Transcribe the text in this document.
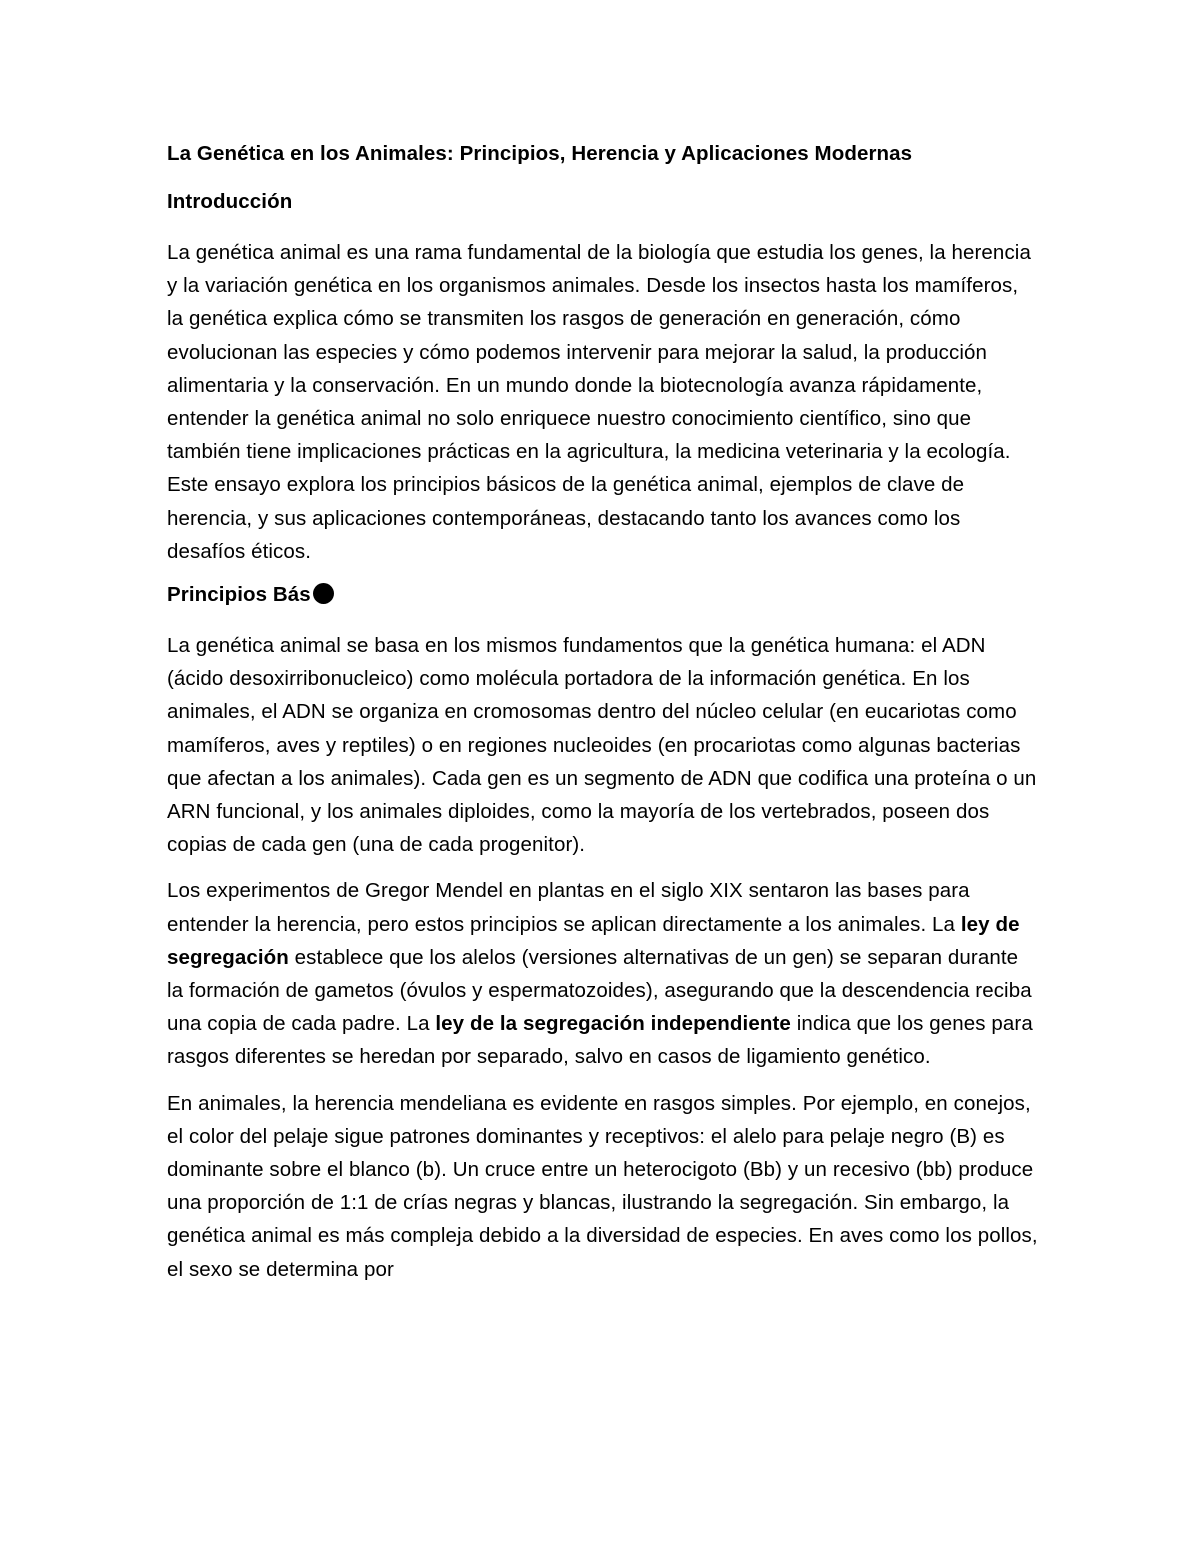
La Genética en los Animales: Principios, Herencia y Aplicaciones Modernas
Introducción

La genética animal es una rama fundamental de la biología que estudia los genes, la herencia y la variación genética en los organismos animales. Desde los insectos hasta los mamíferos, la genética explica cómo se transmiten los rasgos de generación en generación, cómo evolucionan las especies y cómo podemos intervenir para mejorar la salud, la producción alimentaria y la conservación. En un mundo donde la biotecnología avanza rápidamente, entender la genética animal no solo enriquece nuestro conocimiento científico, sino que también tiene implicaciones prácticas en la agricultura, la medicina veterinaria y la ecología. Este ensayo explora los principios básicos de la genética animal, ejemplos de clave de herencia, y sus aplicaciones contemporáneas, destacando tanto los avances como los desafíos éticos.

Principios Bás

La genética animal se basa en los mismos fundamentos que la genética humana: el ADN (ácido desoxirribonucleico) como molécula portadora de la información genética. En los animales, el ADN se organiza en cromosomas dentro del núcleo celular (en eucariotas como mamíferos, aves y reptiles) o en regiones nucleoides (en procariotas como algunas bacterias que afectan a los animales). Cada gen es un segmento de ADN que codifica una proteína o un ARN funcional, y los animales diploides, como la mayoría de los vertebrados, poseen dos copias de cada gen (una de cada progenitor).

Los experimentos de Gregor Mendel en plantas en el siglo XIX sentaron las bases para entender la herencia, pero estos principios se aplican directamente a los animales. La ley de segregación establece que los alelos (versiones alternativas de un gen) se separan durante la formación de gametos (óvulos y espermatozoides), asegurando que la descendencia reciba una copia de cada padre. La ley de la segregación independiente indica que los genes para rasgos diferentes se heredan por separado, salvo en casos de ligamiento genético.

En animales, la herencia mendeliana es evidente en rasgos simples. Por ejemplo, en conejos, el color del pelaje sigue patrones dominantes y receptivos: el alelo para pelaje negro (B) es dominante sobre el blanco (b). Un cruce entre un heterocigoto (Bb) y un recesivo (bb) produce una proporción de 1:1 de crías negras y blancas, ilustrando la segregación. Sin embargo, la genética animal es más compleja debido a la diversidad de especies. En aves como los pollos, el sexo se determina por
